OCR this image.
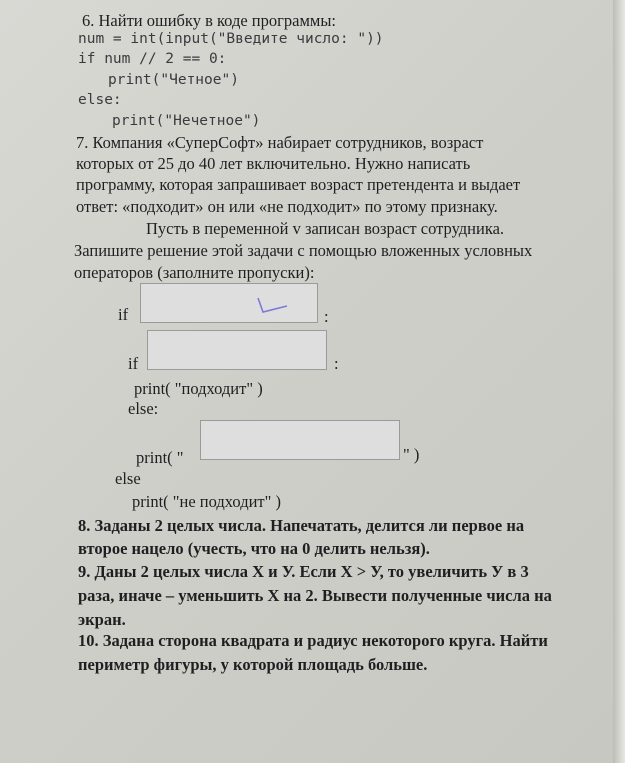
6. Найти ошибку в коде программы:
num = int(input("Введите число: "))
if num // 2 == 0:
print("Четное")
else:
print("Нечетное")
7. Компания «СуперСофт» набирает сотрудников, возраст
которых от 25 до 40 лет включительно. Нужно написать
программу, которая запрашивает возраст претендента и выдает
ответ: «подходит» он или «не подходит» по этому признаку.
Пусть в переменной v записан возраст сотрудника.
Запишите решение этой задачи с помощью вложенных условных
операторов (заполните пропуски):
if	:
if	:
print( "подходит" )
else:
print( "	" )
else
print( "не подходит" )
8. Заданы 2 целых числа. Напечатать, делится ли первое на
второе нацело (учесть, что на 0 делить нельзя).
9. Даны 2 целых числа X и У. Если X > У, то увеличить У в 3
раза, иначе – уменьшить X на 2. Вывести полученные числа на
экран.
10. Задана сторона квадрата и радиус некоторого круга. Найти
периметр фигуры, у которой площадь больше.
